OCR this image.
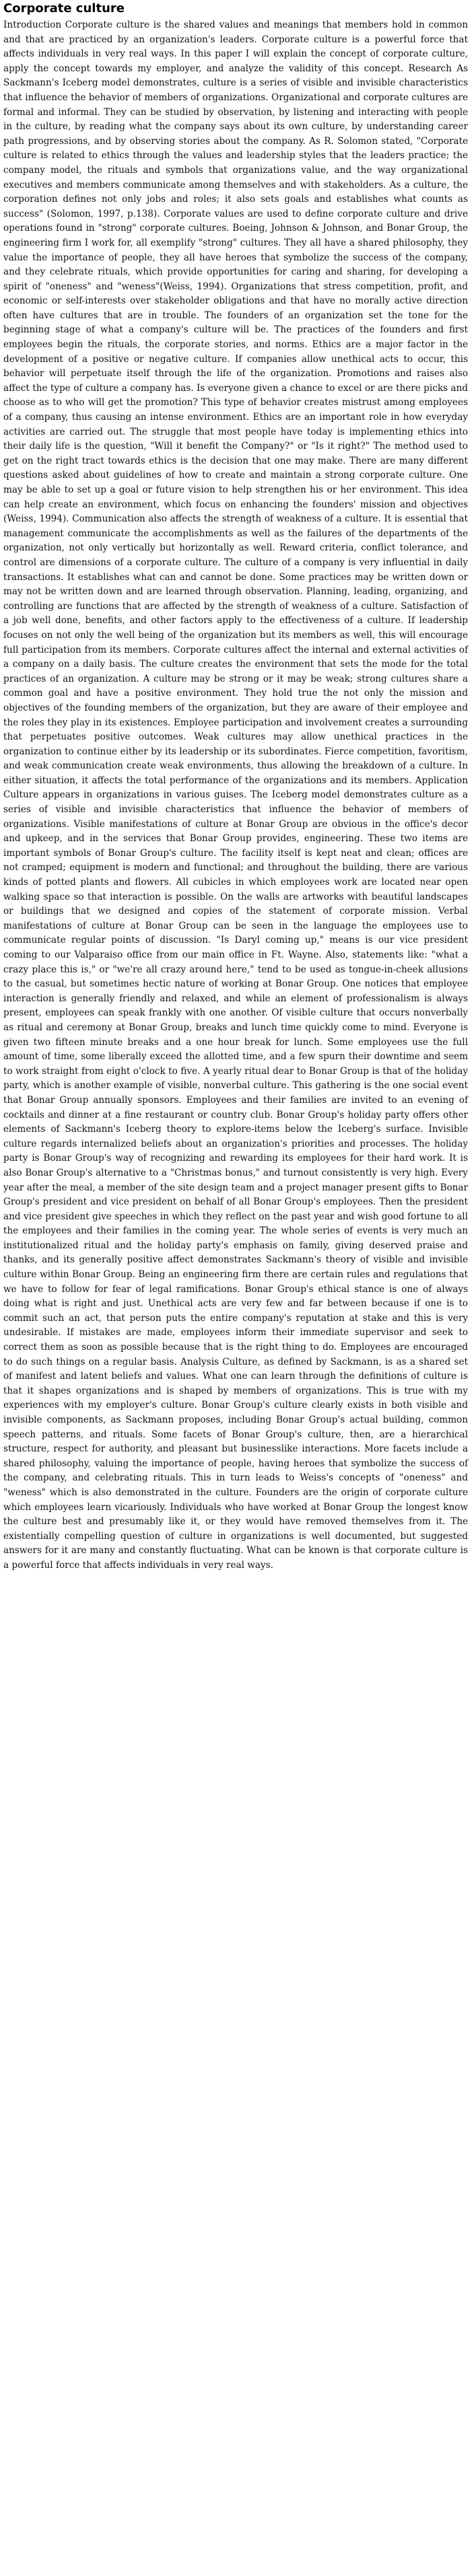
Corporate culture

Introduction Corporate culture is the shared values and meanings that members hold in common and that are practiced by an organization's leaders. Corporate culture is a powerful force that affects individuals in very real ways. In this paper I will explain the concept of corporate culture, apply the concept towards my employer, and analyze the validity of this concept. Research As Sackmann's Iceberg model demonstrates, culture is a series of visible and invisible characteristics that influence the behavior of members of organizations. Organizational and corporate cultures are formal and informal. They can be studied by observation, by listening and interacting with people in the culture, by reading what the company says about its own culture, by understanding career path progressions, and by observing stories about the company. As R. Solomon stated, "Corporate culture is related to ethics through the values and leadership styles that the leaders practice; the company model, the rituals and symbols that organizations value, and the way organizational executives and members communicate among themselves and with stakeholders. As a culture, the corporation defines not only jobs and roles; it also sets goals and establishes what counts as success" (Solomon, 1997, p.138). Corporate values are used to define corporate culture and drive operations found in "strong" corporate cultures. Boeing, Johnson & Johnson, and Bonar Group, the engineering firm I work for, all exemplify "strong" cultures. They all have a shared philosophy, they value the importance of people, they all have heroes that symbolize the success of the company, and they celebrate rituals, which provide opportunities for caring and sharing, for developing a spirit of "oneness" and "weness"(Weiss, 1994). Organizations that stress competition, profit, and economic or self-interests over stakeholder obligations and that have no morally active direction often have cultures that are in trouble. The founders of an organization set the tone for the beginning stage of what a company's culture will be. The practices of the founders and first employees begin the rituals, the corporate stories, and norms. Ethics are a major factor in the development of a positive or negative culture. If companies allow unethical acts to occur, this behavior will perpetuate itself through the life of the organization. Promotions and raises also affect the type of culture a company has. Is everyone given a chance to excel or are there picks and choose as to who will get the promotion? This type of behavior creates mistrust among employees of a company, thus causing an intense environment. Ethics are an important role in how everyday activities are carried out. The struggle that most people have today is implementing ethics into their daily life is the question, "Will it benefit the Company?" or "Is it right?" The method used to get on the right tract towards ethics is the decision that one may make. There are many different questions asked about guidelines of how to create and maintain a strong corporate culture. One may be able to set up a goal or future vision to help strengthen his or her environment. This idea can help create an environment, which focus on enhancing the founders' mission and objectives (Weiss, 1994). Communication also affects the strength of weakness of a culture. It is essential that management communicate the accomplishments as well as the failures of the departments of the organization, not only vertically but horizontally as well. Reward criteria, conflict tolerance, and control are dimensions of a corporate culture. The culture of a company is very influential in daily transactions. It establishes what can and cannot be done. Some practices may be written down or may not be written down and are learned through observation. Planning, leading, organizing, and controlling are functions that are affected by the strength of weakness of a culture. Satisfaction of a job well done, benefits, and other factors apply to the effectiveness of a culture. If leadership focuses on not only the well being of the organization but its members as well, this will encourage full participation from its members. Corporate cultures affect the internal and external activities of a company on a daily basis. The culture creates the environment that sets the mode for the total practices of an organization. A culture may be strong or it may be weak; strong cultures share a common goal and have a positive environment. They hold true the not only the mission and objectives of the founding members of the organization, but they are aware of their employee and the roles they play in its existences. Employee participation and involvement creates a surrounding that perpetuates positive outcomes. Weak cultures may allow unethical practices in the organization to continue either by its leadership or its subordinates. Fierce competition, favoritism, and weak communication create weak environments, thus allowing the breakdown of a culture. In either situation, it affects the total performance of the organizations and its members. Application Culture appears in organizations in various guises. The Iceberg model demonstrates culture as a series of visible and invisible characteristics that influence the behavior of members of organizations. Visible manifestations of culture at Bonar Group are obvious in the office's decor and upkeep, and in the services that Bonar Group provides, engineering. These two items are important symbols of Bonar Group's culture. The facility itself is kept neat and clean; offices are not cramped; equipment is modern and functional; and throughout the building, there are various kinds of potted plants and flowers. All cubicles in which employees work are located near open walking space so that interaction is possible. On the walls are artworks with beautiful landscapes or buildings that we designed and copies of the statement of corporate mission. Verbal manifestations of culture at Bonar Group can be seen in the language the employees use to communicate regular points of discussion. "Is Daryl coming up," means is our vice president coming to our Valparaiso office from our main office in Ft. Wayne. Also, statements like: "what a crazy place this is," or "we're all crazy around here," tend to be used as tongue-in-cheek allusions to the casual, but sometimes hectic nature of working at Bonar Group. One notices that employee interaction is generally friendly and relaxed, and while an element of professionalism is always present, employees can speak frankly with one another. Of visible culture that occurs nonverbally as ritual and ceremony at Bonar Group, breaks and lunch time quickly come to mind. Everyone is given two fifteen minute breaks and a one hour break for lunch. Some employees use the full amount of time, some liberally exceed the allotted time, and a few spurn their downtime and seem to work straight from eight o'clock to five. A yearly ritual dear to Bonar Group is that of the holiday party, which is another example of visible, nonverbal culture. This gathering is the one social event that Bonar Group annually sponsors. Employees and their families are invited to an evening of cocktails and dinner at a fine restaurant or country club. Bonar Group's holiday party offers other elements of Sackmann's Iceberg theory to explore-items below the Iceberg's surface. Invisible culture regards internalized beliefs about an organization's priorities and processes. The holiday party is Bonar Group's way of recognizing and rewarding its employees for their hard work. It is also Bonar Group's alternative to a "Christmas bonus," and turnout consistently is very high. Every year after the meal, a member of the site design team and a project manager present gifts to Bonar Group's president and vice president on behalf of all Bonar Group's employees. Then the president and vice president give speeches in which they reflect on the past year and wish good fortune to all the employees and their families in the coming year. The whole series of events is very much an institutionalized ritual and the holiday party's emphasis on family, giving deserved praise and thanks, and its generally positive affect demonstrates Sackmann's theory of visible and invisible culture within Bonar Group. Being an engineering firm there are certain rules and regulations that we have to follow for fear of legal ramifications. Bonar Group's ethical stance is one of always doing what is right and just. Unethical acts are very few and far between because if one is to commit such an act, that person puts the entire company's reputation at stake and this is very undesirable. If mistakes are made, employees inform their immediate supervisor and seek to correct them as soon as possible because that is the right thing to do. Employees are encouraged to do such things on a regular basis. Analysis Culture, as defined by Sackmann, is as a shared set of manifest and latent beliefs and values. What one can learn through the definitions of culture is that it shapes organizations and is shaped by members of organizations. This is true with my experiences with my employer's culture. Bonar Group's culture clearly exists in both visible and invisible components, as Sackmann proposes, including Bonar Group's actual building, common speech patterns, and rituals. Some facets of Bonar Group's culture, then, are a hierarchical structure, respect for authority, and pleasant but businesslike interactions. More facets include a shared philosophy, valuing the importance of people, having heroes that symbolize the success of the company, and celebrating rituals. This in turn leads to Weiss's concepts of "oneness" and "weness" which is also demonstrated in the culture. Founders are the origin of corporate culture which employees learn vicariously. Individuals who have worked at Bonar Group the longest know the culture best and presumably like it, or they would have removed themselves from it. The existentially compelling question of culture in organizations is well documented, but suggested answers for it are many and constantly fluctuating. What can be known is that corporate culture is a powerful force that affects individuals in very real ways.
